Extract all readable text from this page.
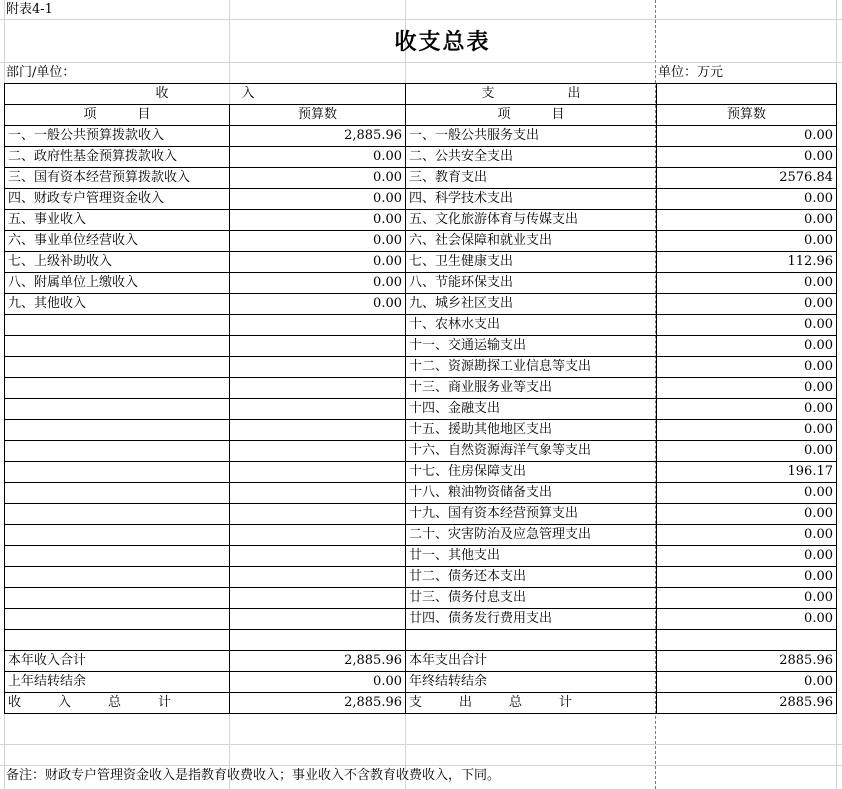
附表4-1
收支总表
部门/单位：	单位：万元
收　入		支　出	
项　目	预算数	项　目	预算数
一、一般公共预算拨款收入	2,885.96	一、一般公共服务支出	0.00
二、政府性基金预算拨款收入	0.00	二、公共安全支出	0.00
三、国有资本经营预算拨款收入	0.00	三、教育支出	2576.84
四、财政专户管理资金收入	0.00	四、科学技术支出	0.00
五、事业收入	0.00	五、文化旅游体育与传媒支出	0.00
六、事业单位经营收入	0.00	六、社会保障和就业支出	0.00
七、上级补助收入	0.00	七、卫生健康支出	112.96
八、附属单位上缴收入	0.00	八、节能环保支出	0.00
九、其他收入	0.00	九、城乡社区支出	0.00
		十、农林水支出	0.00
		十一、交通运输支出	0.00
		十二、资源勘探工业信息等支出	0.00
		十三、商业服务业等支出	0.00
		十四、金融支出	0.00
		十五、援助其他地区支出	0.00
		十六、自然资源海洋气象等支出	0.00
		十七、住房保障支出	196.17
		十八、粮油物资储备支出	0.00
		十九、国有资本经营预算支出	0.00
		二十、灾害防治及应急管理支出	0.00
		廿一、其他支出	0.00
		廿二、债务还本支出	0.00
		廿三、债务付息支出	0.00
		廿四、债务发行费用支出	0.00

本年收入合计	2,885.96	本年支出合计	2885.96
上年结转结余	0.00	年终结转结余	0.00
收　入　总　计	2,885.96	支　出　总　计	2885.96
备注：财政专户管理资金收入是指教育收费收入；事业收入不含教育收费收入，下同。
